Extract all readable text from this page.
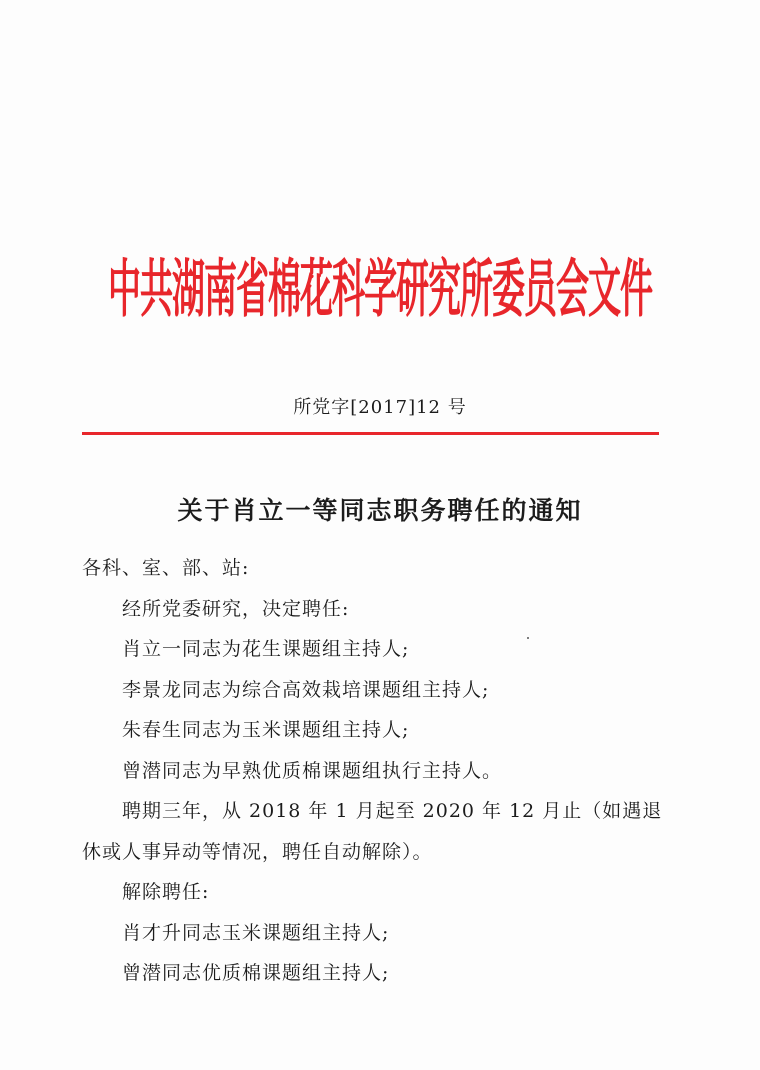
中共湖南省棉花科学研究所委员会文件
所党字[2017]12 号
关于肖立一等同志职务聘任的通知

各科、室、部、站:

经所党委研究，决定聘任:

肖立一同志为花生课题组主持人;

李景龙同志为综合高效栽培课题组主持人;

朱春生同志为玉米课题组主持人;

曾潜同志为早熟优质棉课题组执行主持人。

聘期三年，从 2018 年 1 月起至 2020 年 12 月止（如遇退休或人事异动等情况，聘任自动解除）。

解除聘任:

肖才升同志玉米课题组主持人;

曾潜同志优质棉课题组主持人;
